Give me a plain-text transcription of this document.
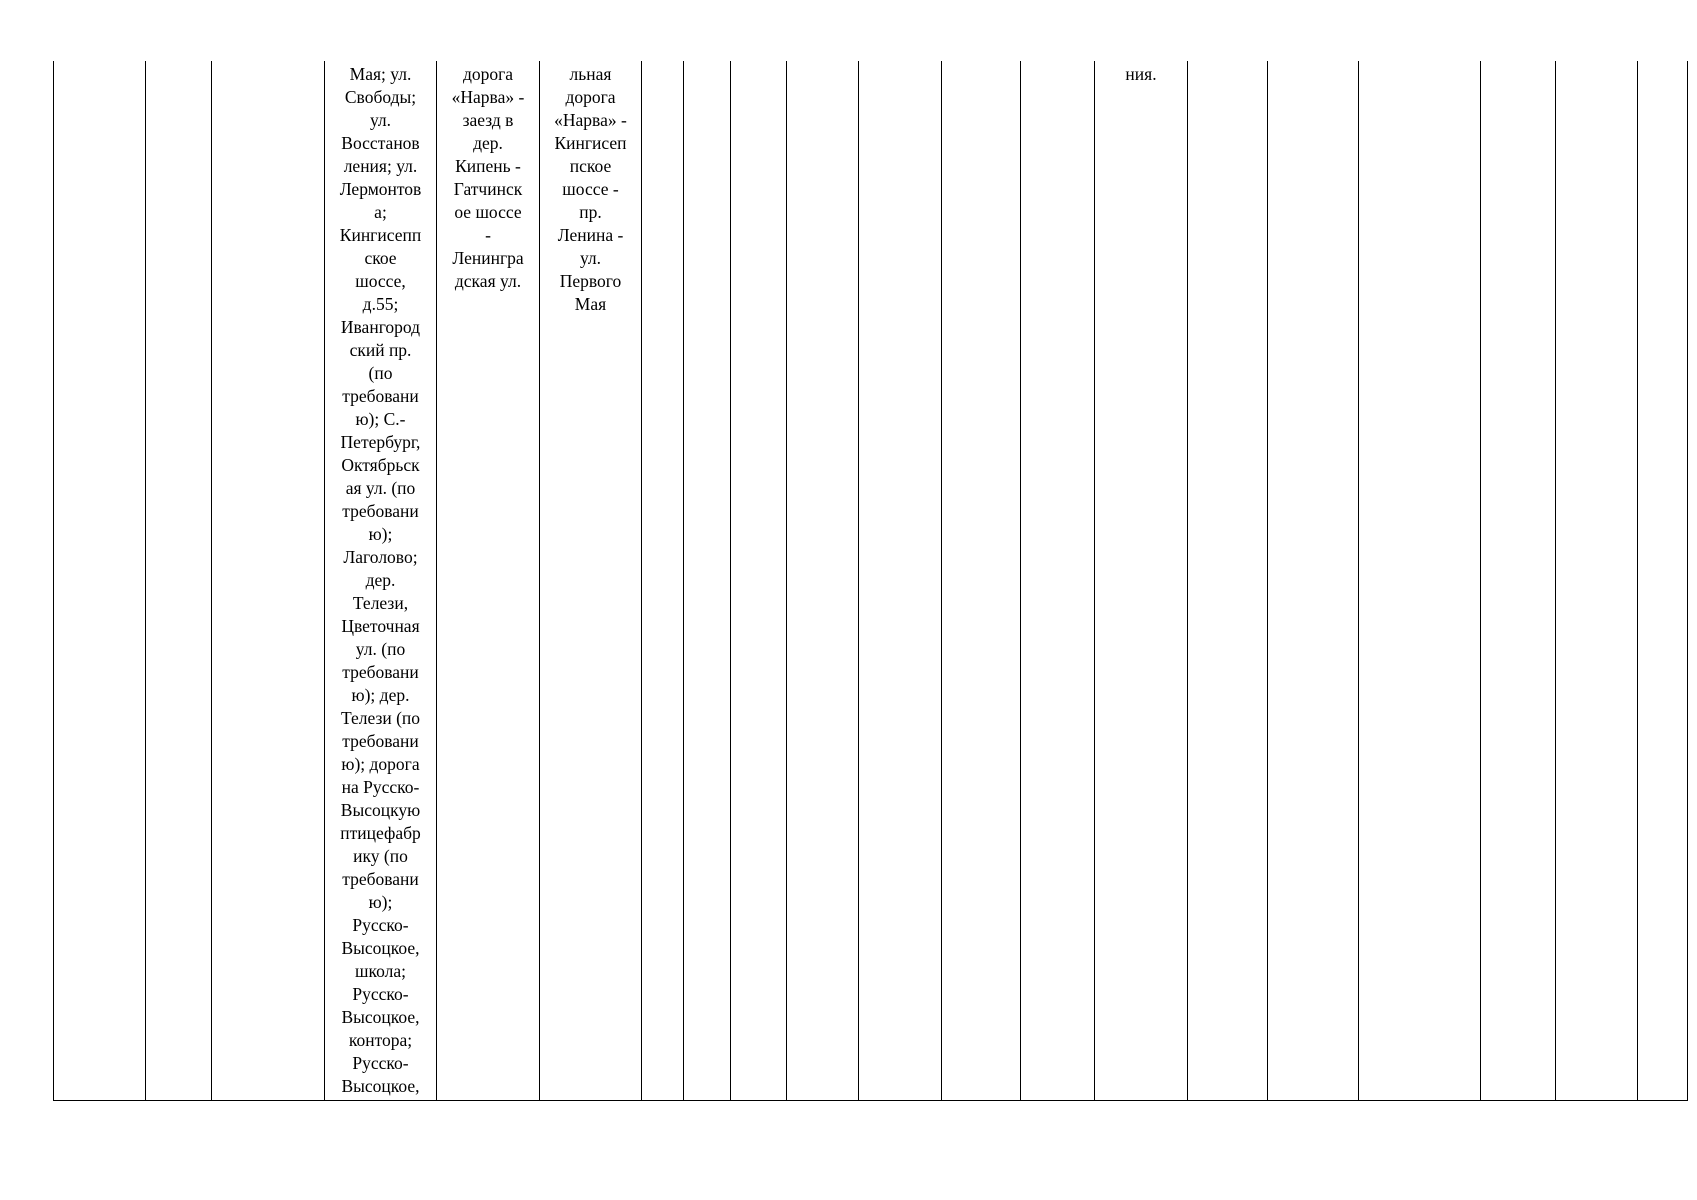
			Мая; ул.
Свободы;
ул.
Восстанов
ления; ул.
Лермонтов
а;
Кингисепп
ское
шоссе,
д.55;
Ивангород
ский пр.
(по
требовани
ю); С.-
Петербург,
Октябрьск
ая ул. (по
требовани
ю);
Лаголово;
дер.
Телези,
Цветочная
ул. (по
требовани
ю); дер.
Телези (по
требовани
ю); дорога
на Русско-
Высоцкую
птицефабр
ику (по
требовани
ю);
Русско-
Высоцкое,
школа;
Русско-
Высоцкое,
контора;
Русско-
Высоцкое,	дорога
«Нарва» -
заезд в
дер.
Кипень -
Гатчинск
ое шоссе
-
Ленингра
дская ул.	льная
дорога
«Нарва» -
Кингисеп
пское
шоссе -
пр.
Ленина -
ул.
Первого
Мая								ния.						
